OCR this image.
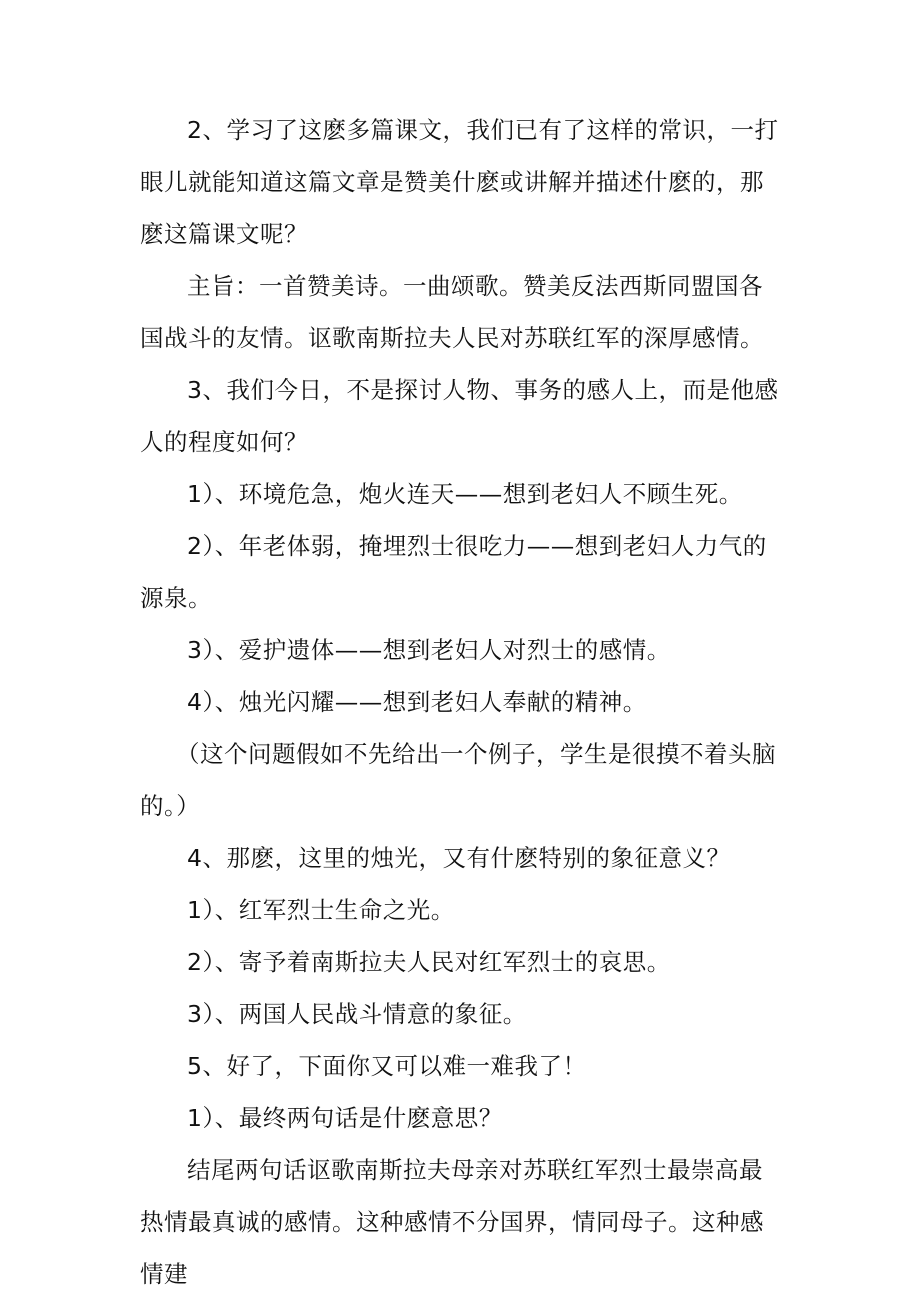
2、学习了这麽多篇课文，我们已有了这样的常识，一打眼儿就能知道这篇文章是赞美什麽或讲解并描述什麽的，那麽这篇课文呢？

主旨：一首赞美诗。一曲颂歌。赞美反法西斯同盟国各国战斗的友情。讴歌南斯拉夫人民对苏联红军的深厚感情。

3、我们今日，不是探讨人物、事务的感人上，而是他感人的程度如何？

1）、环境危急，炮火连天——想到老妇人不顾生死。

2）、年老体弱，掩埋烈士很吃力——想到老妇人力气的源泉。

3）、爱护遗体——想到老妇人对烈士的感情。

4）、烛光闪耀——想到老妇人奉献的精神。

（这个问题假如不先给出一个例子，学生是很摸不着头脑的。）

4、那麽，这里的烛光，又有什麽特别的象征意义？

1）、红军烈士生命之光。

2）、寄予着南斯拉夫人民对红军烈士的哀思。

3）、两国人民战斗情意的象征。

5、好了，下面你又可以难一难我了！

1）、最终两句话是什麽意思？

结尾两句话讴歌南斯拉夫母亲对苏联红军烈士最崇高最热情最真诚的感情。这种感情不分国界，情同母子。这种感情建
